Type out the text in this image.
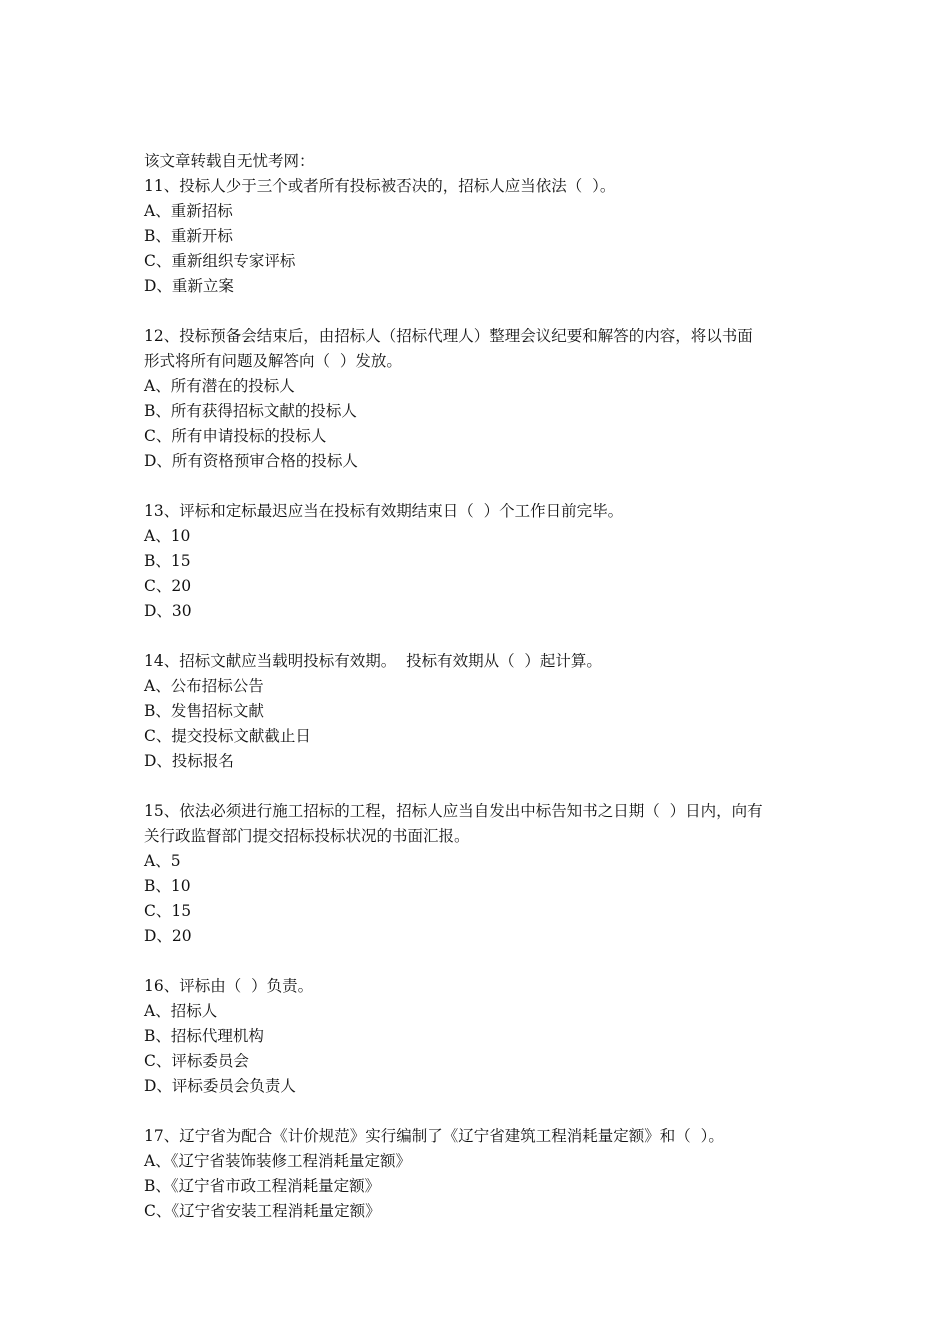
该文章转载自无忧考网：
11、投标人少于三个或者所有投标被否决的，招标人应当依法（  ）。
A、重新招标
B、重新开标
C、重新组织专家评标
D、重新立案
12、投标预备会结束后，由招标人（招标代理人）整理会议纪要和解答的内容，将以书面
形式将所有问题及解答向（  ）发放。
A、所有潜在的投标人
B、所有获得招标文献的投标人
C、所有申请投标的投标人
D、所有资格预审合格的投标人
13、评标和定标最迟应当在投标有效期结束日（  ）个工作日前完毕。
A、10
B、15
C、20
D、30
14、招标文献应当载明投标有效期。  投标有效期从（  ）起计算。
A、公布招标公告
B、发售招标文献
C、提交投标文献截止日
D、投标报名
15、依法必须进行施工招标的工程，招标人应当自发出中标告知书之日期（  ）日内，向有
关行政监督部门提交招标投标状况的书面汇报。
A、5
B、10
C、15
D、20
16、评标由（  ）负责。
A、招标人
B、招标代理机构
C、评标委员会
D、评标委员会负责人
17、辽宁省为配合《计价规范》实行编制了《辽宁省建筑工程消耗量定额》和（  ）。
A、《辽宁省装饰装修工程消耗量定额》
B、《辽宁省市政工程消耗量定额》
C、《辽宁省安装工程消耗量定额》
